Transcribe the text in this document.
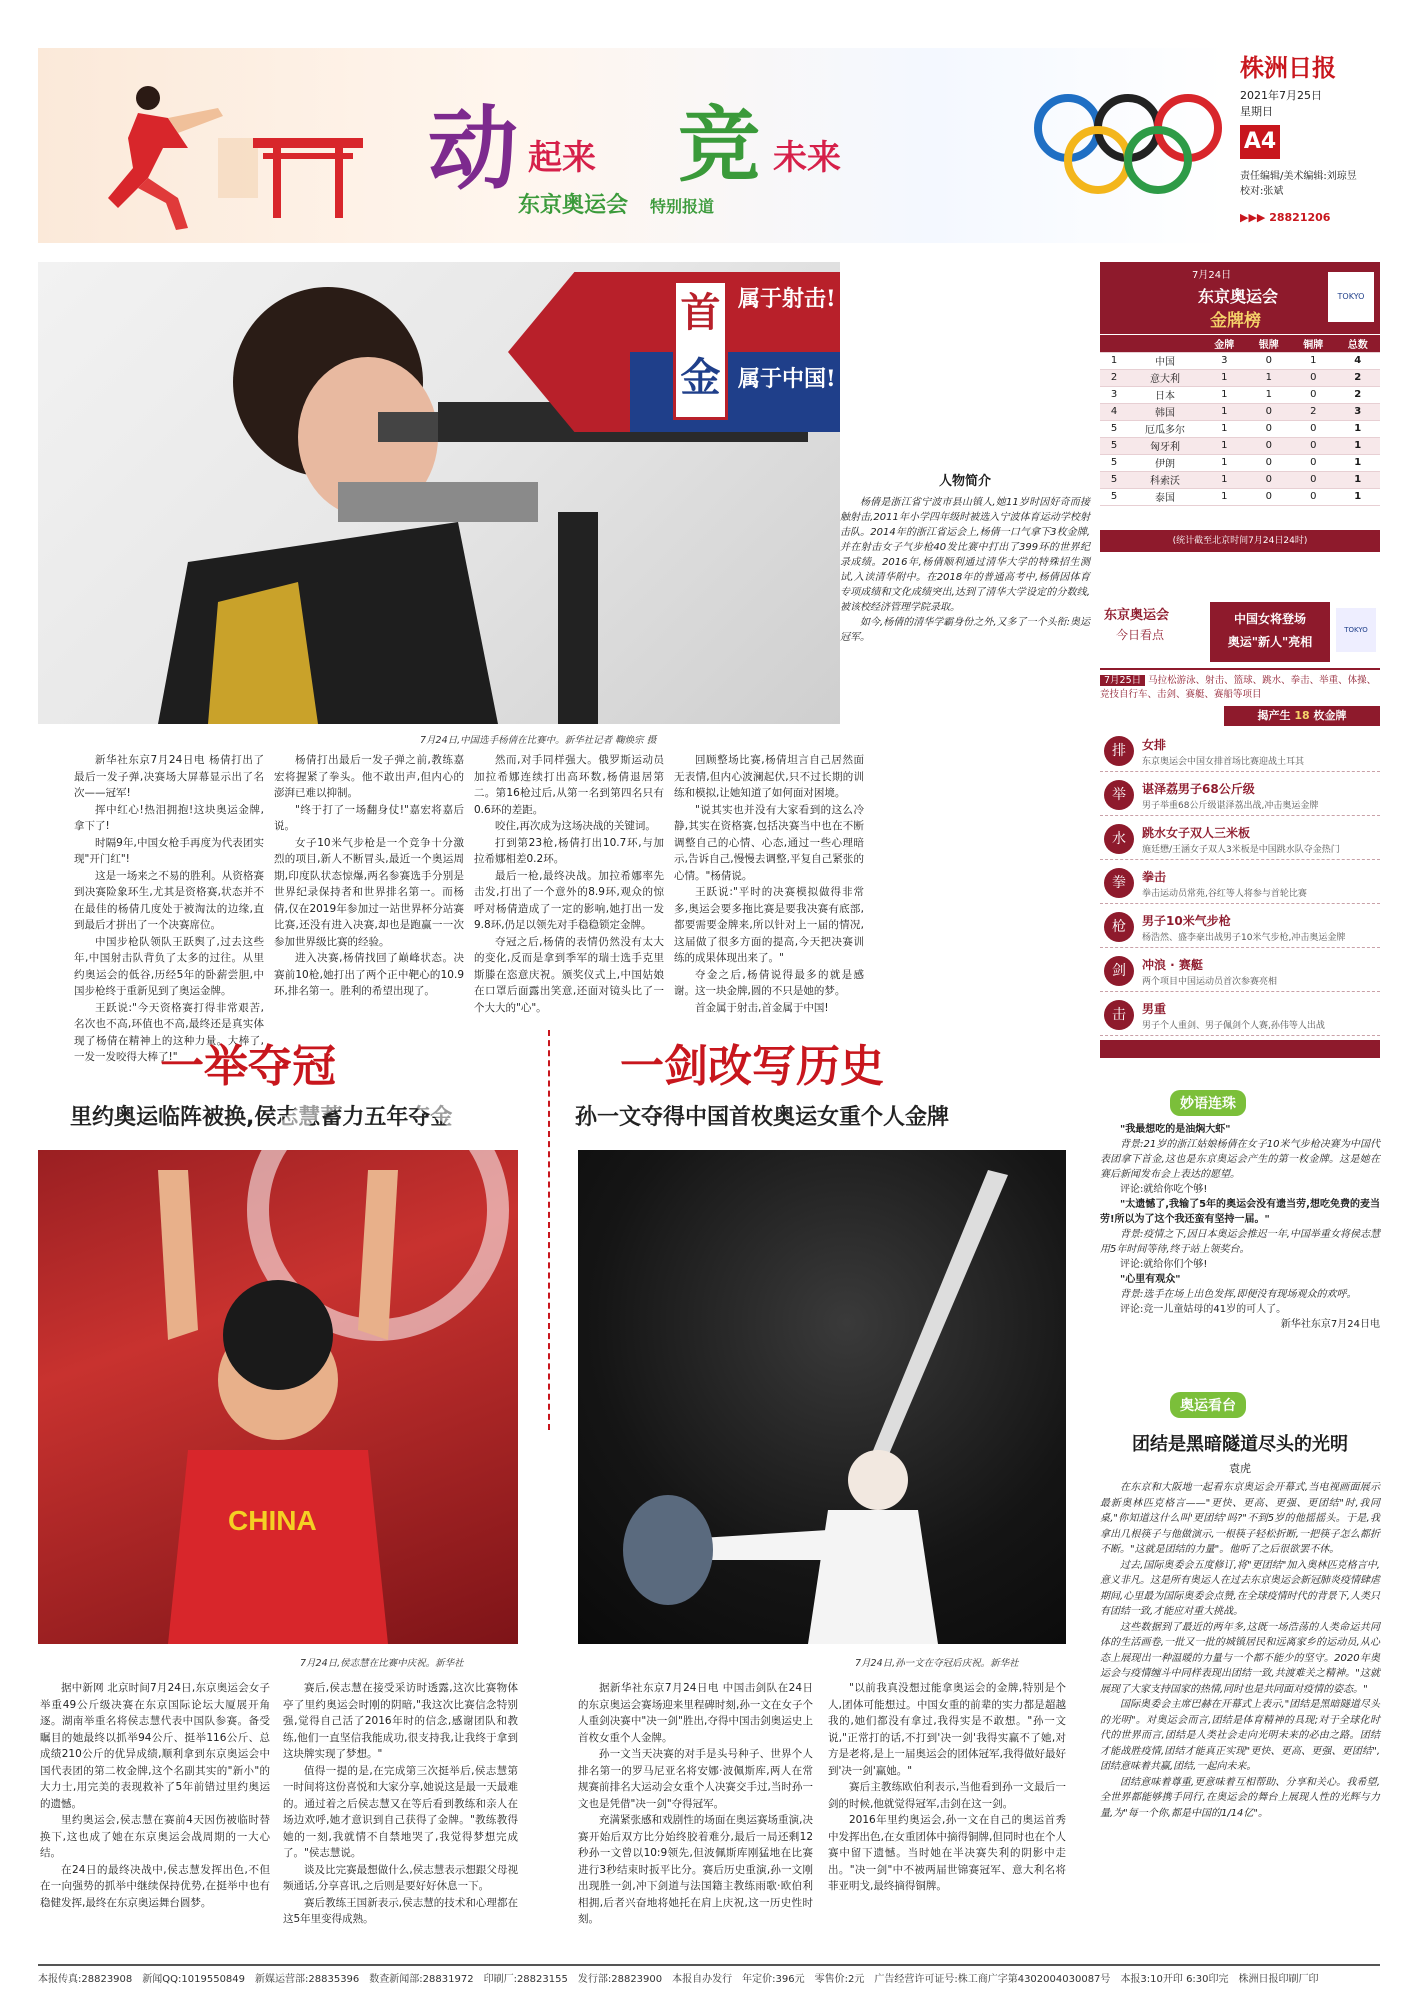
动 起来 竞 未来
东京奥运会 特别报道
株洲日报
2021年7月25日
星期日
A4
责任编辑/美术编辑:刘琼昱
校对:张斌
▶▶▶ 28821206
首
金
属于射击!
属于中国!
人物简介

杨倩是浙江省宁波市县山镇人,她11岁时因好奇而接触射击,2011年小学四年级时被选入宁波体育运动学校射击队。2014年的浙江省运会上,杨倩一口气拿下3枚金牌,并在射击女子气步枪40发比赛中打出了399环的世界纪录成绩。2016年,杨倩顺利通过清华大学的特殊招生测试,入读清华附中。在2018年的普通高考中,杨倩因体育专项成绩和文化成绩突出,达到了清华大学设定的分数线,被该校经济管理学院录取。

如今,杨倩的清华学霸身份之外,又多了一个头衔:奥运冠军。

7月24日,中国选手杨倩在比赛中。新华社记者 鞠焕宗 摄

新华社东京7月24日电 杨倩打出了最后一发子弹,决赛场大屏幕显示出了名次——冠军!

挥中红心!热泪拥抱!这块奥运金牌,拿下了!

时隔9年,中国女枪手再度为代表团实现"开门红"!

这是一场来之不易的胜利。从资格赛到决赛险象环生,尤其是资格赛,状态并不在最佳的杨倩几度处于被淘汰的边缘,直到最后才拼出了一个决赛席位。

中国步枪队领队王跃舆了,过去这些年,中国射击队背负了太多的过往。从里约奥运会的低谷,历经5年的卧薪尝胆,中国步枪终于重新见到了奥运金牌。

王跃说:"今天资格赛打得非常艰苦,名次也不高,环值也不高,最终还是真实体现了杨倩在精神上的这种力量。大棒了,一发一发咬得大棒了!"

杨倩打出最后一发子弹之前,教练嘉宏将握紧了拳头。他不敢出声,但内心的澎湃已难以抑制。

"终于打了一场翻身仗!"嘉宏将嘉后说。

女子10米气步枪是一个竞争十分激烈的项目,新人不断冒头,最近一个奥运周期,印度队状态惊爆,两名参赛选手分别是世界纪录保持者和世界排名第一。而杨倩,仅在2019年参加过一站世界杯分站赛比赛,还没有进入决赛,却也是跑赢一一次参加世界级比赛的经验。

进入决赛,杨倩找回了巅峰状态。决赛前10枪,她打出了两个正中靶心的10.9环,排名第一。胜利的希望出现了。

然而,对手同样强大。俄罗斯运动员加拉希娜连续打出高环数,杨倩退居第二。第16枪过后,从第一名到第四名只有0.6环的差距。

咬住,再次成为这场决战的关键词。

打到第23枪,杨倩打出10.7环,与加拉希娜相差0.2环。

最后一枪,最终决战。加拉希娜率先击发,打出了一个意外的8.9环,观众的惊呼对杨倩造成了一定的影响,她打出一发9.8环,仍足以领先对手稳稳锁定金牌。

夺冠之后,杨倩的表情仍然没有太大的变化,反而是拿到季军的瑞士选手克里斯滕在恣意庆祝。颁奖仪式上,中国姑娘在口罩后面露出笑意,还面对镜头比了一个大大的"心"。

回顾整场比赛,杨倩坦言自己居然面无表情,但内心波澜起伏,只不过长期的训练和模拟,让她知道了如何面对困境。

"说其实也并没有大家看到的这么冷静,其实在资格赛,包括决赛当中也在不断调整自己的心情、心态,通过一些心理暗示,告诉自己,慢慢去调整,平复自己紧张的心情。"杨倩说。

王跃说:"平时的决赛模拟做得非常多,奥运会要多拖比赛是要我决赛有底部,都要需要金牌来,所以针对上一届的情况,这届做了很多方面的提高,今天把决赛训练的成果体现出来了。"

夺金之后,杨倩说得最多的就是感谢。这一块金牌,圆的不只是她的梦。

首金属于射击,首金属于中国!

一举夺冠
里约奥运临阵被换,侯志慧蓄力五年夺金
CHINA
7月24日,侯志慧在比赛中庆祝。新华社

据中新网 北京时间7月24日,东京奥运会女子举重49公斤级决赛在东京国际论坛大厦展开角逐。湖南举重名将侯志慧代表中国队参赛。备受瞩目的她最终以抓举94公斤、挺举116公斤、总成绩210公斤的优异成绩,顺利拿到东京奥运会中国代表团的第二枚金牌,这个名副其实的"新小"的大力士,用完美的表现救补了5年前错过里约奥运的遗憾。

里约奥运会,侯志慧在赛前4天因伤被临时替换下,这也成了她在东京奥运会战周期的一大心结。

在24日的最终决战中,侯志慧发挥出色,不但在一向强势的抓举中继续保持优势,在挺举中也有稳健发挥,最终在东京奥运舞台圆梦。

赛后,侯志慧在接受采访时透露,这次比赛物体亭了里约奥运会时刚的阴暗,"我这次比赛信念特别强,觉得自己活了2016年时的信念,感谢团队和教练,他们一直坚信我能成功,很支持我,让我终于拿到这块牌实现了梦想。"

值得一提的是,在完成第三次挺举后,侯志慧第一时间将这份喜悦和大家分享,她说这是最一天最难的。通过着之后侯志慧又在等后看到教练和亲人在场边欢呼,她才意识到自己获得了金牌。"教练教得她的一刻,我就情不自禁地哭了,我觉得梦想完成了。"侯志慧说。

谈及比完赛最想做什么,侯志慧表示想跟父母视频通话,分享喜讯,之后则是要好好休息一下。

赛后教练王国新表示,侯志慧的技术和心理都在这5年里变得成熟。

一剑改写历史
孙一文夺得中国首枚奥运女重个人金牌
7月24日,孙一文在夺冠后庆祝。新华社

据新华社东京7月24日电 中国击剑队在24日的东京奥运会赛场迎来里程碑时刻,孙一文在女子个人重剑决赛中"决一剑"胜出,夺得中国击剑奥运史上首枚女重个人金牌。

孙一文当天决赛的对手是头号种子、世界个人排名第一的罗马尼亚名将安娜·波佩斯库,两人在常规赛前排名大运动会女重个人决赛交手过,当时孙一文也是凭借"决一剑"夺得冠军。

充满紧张感和戏剧性的场面在奥运赛场重演,决赛开始后双方比分始终胶着难分,最后一局还剩12秒孙一文曾以10:9领先,但波佩斯库刚猛地在比赛进行3秒结束时扳平比分。赛后历史重演,孙一文刚出现胜一剑,冲下剑道与法国籍主教练雨歌·欧伯利相拥,后者兴奋地将她托在肩上庆祝,这一历史性时刻。

"以前我真没想过能拿奥运会的金牌,特别是个人,团体可能想过。中国女重的前辈的实力都是超越我的,她们都没有拿过,我得实是不敢想。"孙一文说,"正常打的话,不打到'决一剑'我得实赢不了她,对方是老将,是上一届奥运会的团体冠军,我得做好最好到'决一剑'赢她。"

赛后主教练欧伯利表示,当他看到孙一文最后一剑的时候,他就觉得冠军,击剑在这一剑。

2016年里约奥运会,孙一文在自己的奥运首秀中发挥出色,在女重团体中摘得铜牌,但同时也在个人赛中留下遗憾。当时她在半决赛失利的阴影中走出。"决一剑"中不被两届世锦赛冠军、意大利名将菲亚明戈,最终摘得铜牌。

7月24日
东京奥运会
金牌榜
TOKYO
		金牌	银牌	铜牌	总数
1	中国	3	0	1	4
2	意大利	1	1	0	2
3	日本	1	1	0	2
4	韩国	1	0	2	3
5	厄瓜多尔	1	0	0	1
5	匈牙利	1	0	0	1
5	伊朗	1	0	0	1
5	科索沃	1	0	0	1
5	泰国	1	0	0	1
(统计截至北京时间7月24日24时)
东京奥运会
今日看点
中国女将登场
奥运"新人"亮相
TOKYO
7月25日 马拉松游泳、射击、篮球、跳水、拳击、举重、体操、竞技自行车、击剑、赛艇、赛船等项目
揭产生 18 枚金牌
排	女排
东京奥运会中国女排首场比赛迎战土耳其
举	谌泽荔男子68公斤级
男子举重68公斤级谌泽荔出战,冲击奥运金牌
水	跳水女子双人三米板
施廷懋/王涵女子双人3米板是中国跳水队夺金热门
拳	拳击
拳击运动员常苑,谷红等人将参与首轮比赛
枪	男子10米气步枪
杨浩然、盛李豪出战男子10米气步枪,冲击奥运金牌
剑	冲浪 · 赛艇
两个项目中国运动员首次参赛亮相
击	男重
男子个人重剑、男子佩剑个人赛,孙伟等人出战
妙语连珠

"我最想吃的是油焖大虾"

背景:21岁的浙江姑娘杨倩在女子10米气步枪决赛为中国代表团拿下首金,这也是东京奥运会产生的第一枚金牌。这是她在赛后新闻发布会上表达的愿望。

评论:就给你吃个够!

"太遗憾了,我输了5年的奥运会没有遗当劳,想吃免费的麦当劳!所以为了这个我还蛮有坚持一届。"

背景:疫情之下,因日本奥运会推迟一年,中国举重女将侯志慧用5年时间等待,终于站上领奖台。

评论:就给你们个够!

"心里有观众"

背景:选手在场上出色发挥,即便没有现场观众的欢呼。

评论:竞一儿童姑母的41岁的可人了。

新华社东京7月24日电

奥运看台
团结是黑暗隧道尽头的光明
袁虎

在东京和大阪地一起看东京奥运会开幕式,当电视画面展示最新奥林匹克格言——"更快、更高、更强、更团结"时,我同桌,"你知道这什么叫'更团结'吗?"不到5岁的他摇摇头。于是,我拿出几根筷子与他做演示,一根筷子轻松折断,一把筷子怎么都折不断。"这就是团结的力量"。他听了之后很欲罢不休。

过去,国际奥委会五度修订,将"更团结"加入奥林匹克格言中,意义非凡。这是所有奥运人在过去东京奥运会新冠肺炎疫情肆虐期间,心里最为国际奥委会点赞,在全球疫情时代的背景下,人类只有团结一致,才能应对重大挑战。

这些数据到了最近的两年多,这既一场浩荡的人类命运共同体的生活画卷,一批又一批的城镇居民和远离家乡的运动员,从心态上展现出一种温暖的力量与一个都不能少的坚守。2020年奥运会与疫情缠斗中同样表现出团结一致,共渡难关之精神。"这就展现了大家支持国家的热情,同时也是共同面对疫情的姿态。"

国际奥委会主席巴赫在开幕式上表示,"团结是黑暗隧道尽头的光明"。对奥运会而言,团结是体育精神的具现;对于全球化时代的世界而言,团结是人类社会走向光明未来的必由之路。团结才能战胜疫情,团结才能真正实现"更快、更高、更强、更团结",团结意味着共赢,团结,一起向未来。

团结意味着尊重,更意味着互相帮助、分享和关心。我希望,全世界都能够携手同行,在奥运会的舞台上展现人性的光辉与力量,为"每一个你,都是中国的1/14亿"。

本报传真:28823908 新闻QQ:1019550849 新媒运营部:28835396 数查新闻部:28831972 印刷厂:28823155 发行部:28823900 本报自办发行 年定价:396元 零售价:2元 广告经营许可证号:株工商广字第4302004030087号 本报3:10开印 6:30印完 株洲日报印刷厂印
